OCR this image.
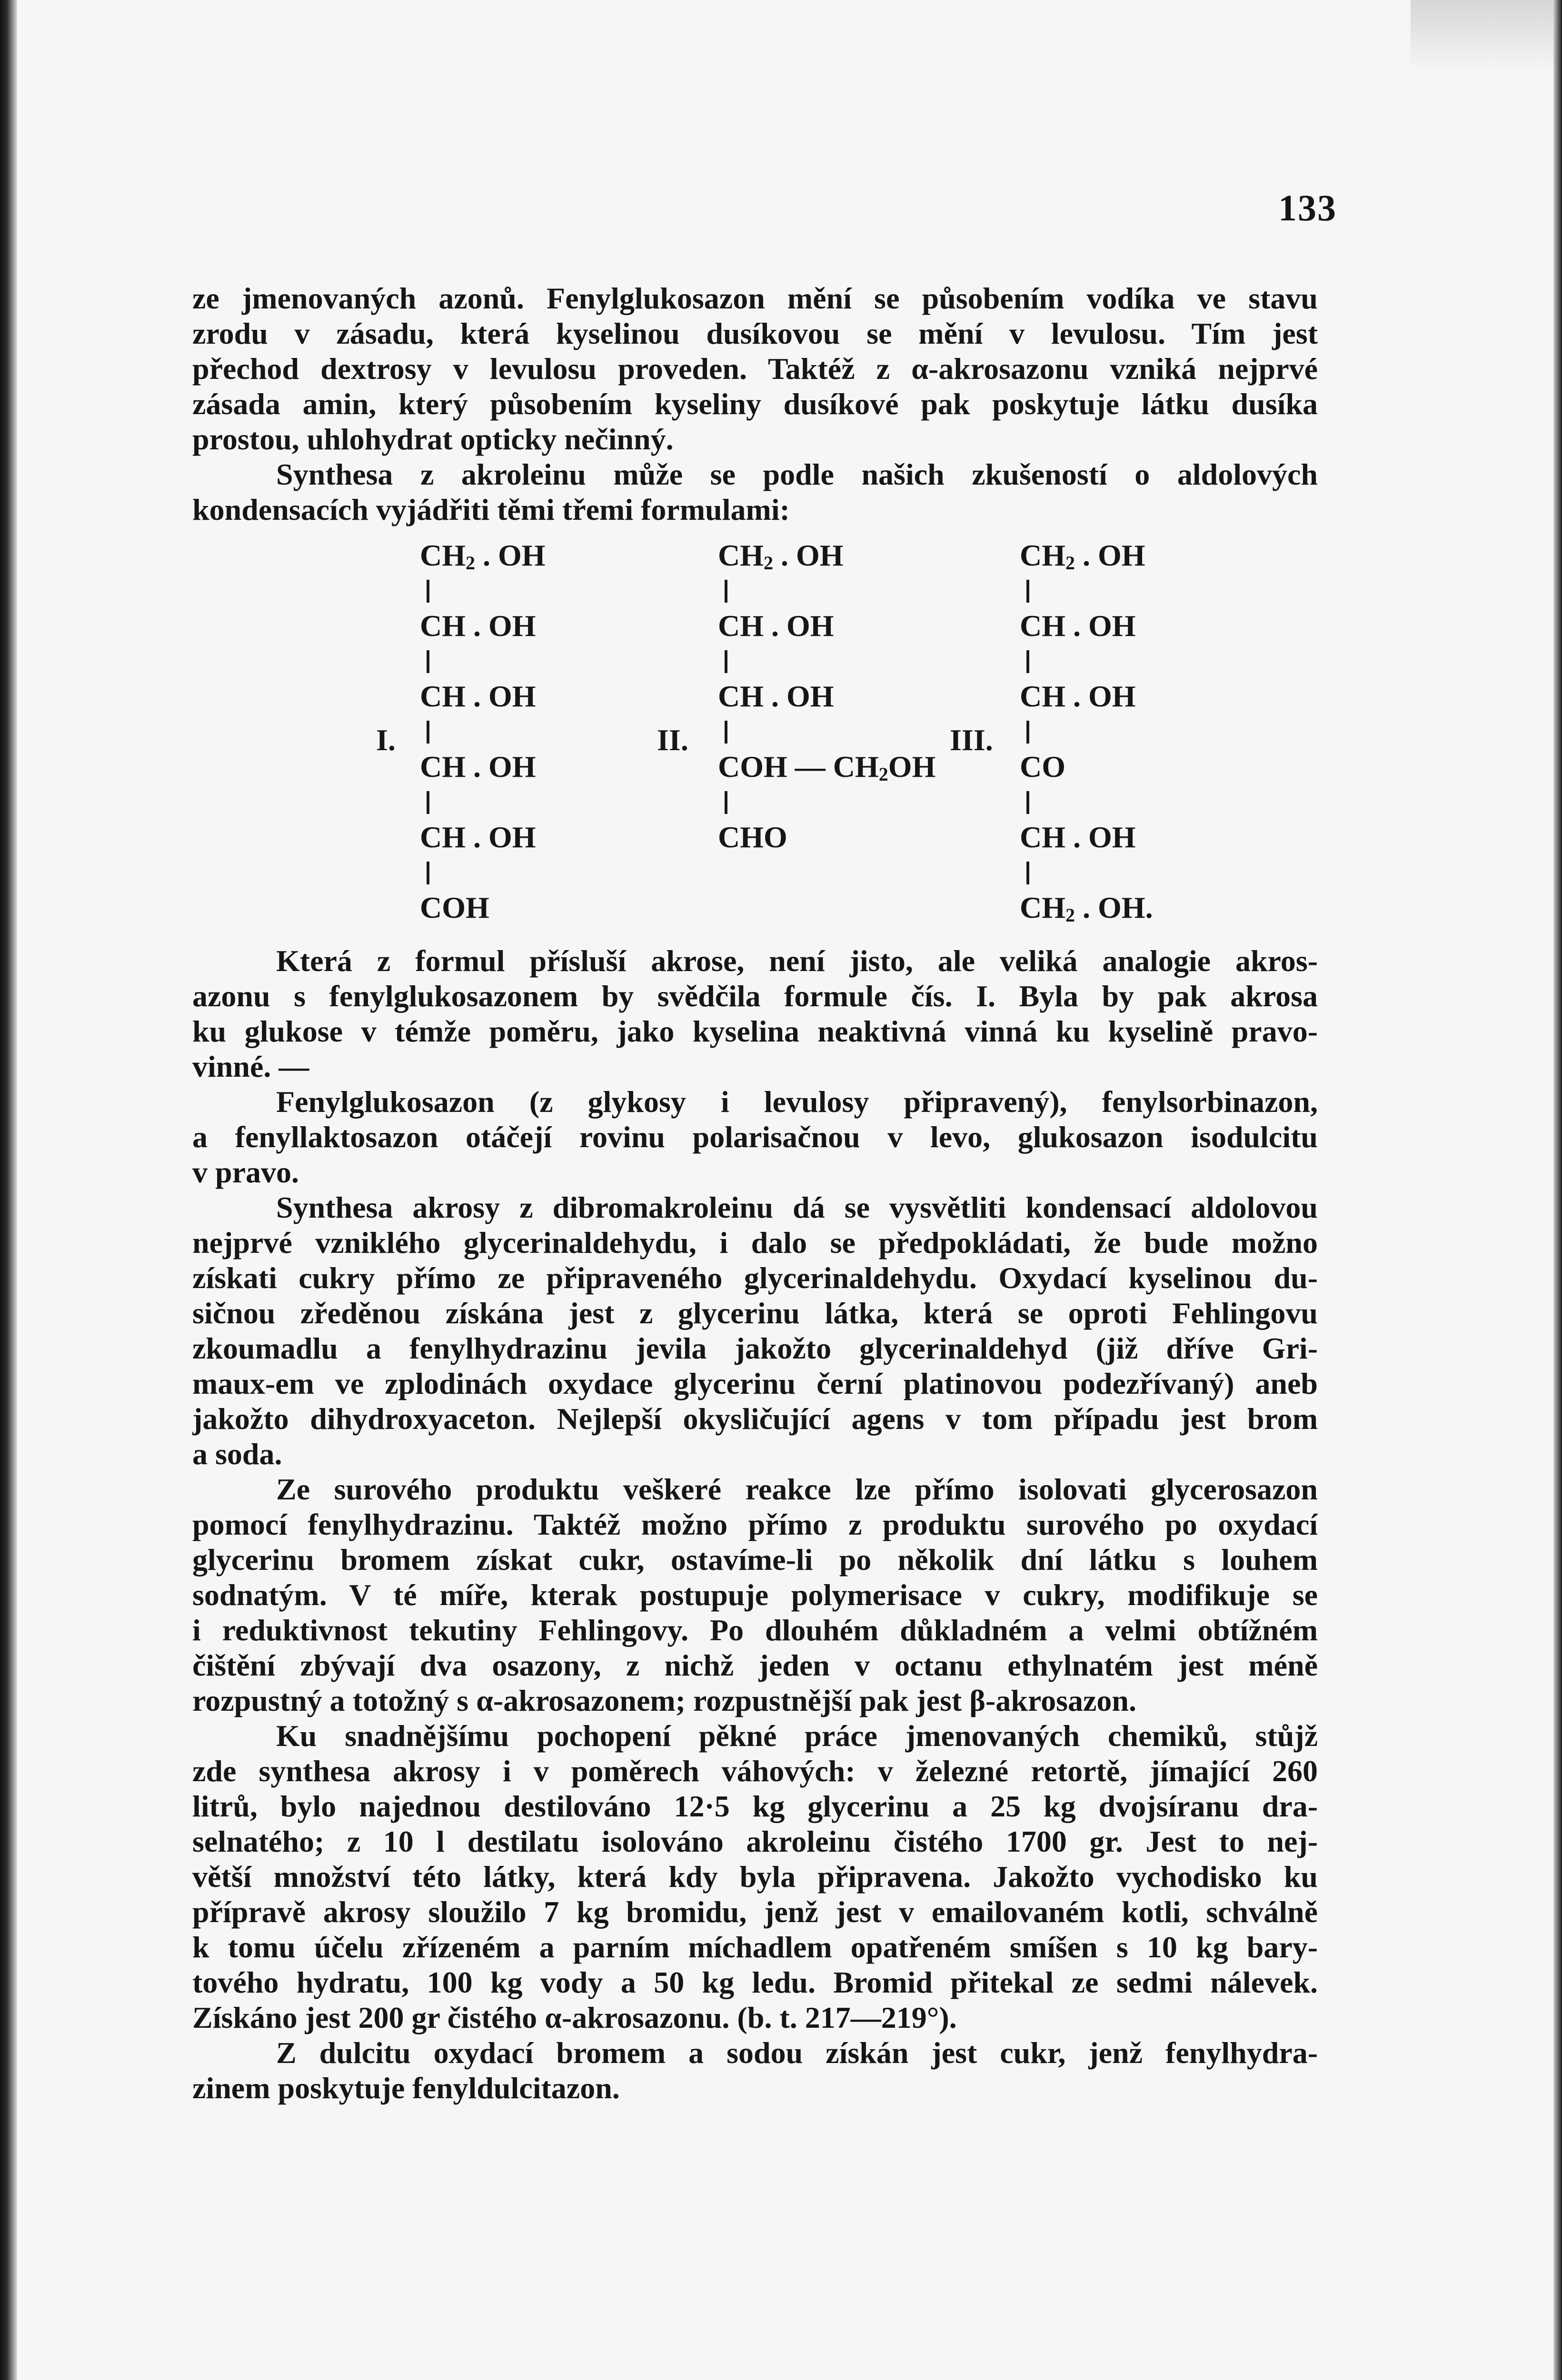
133
ze jmenovaných azonů. Fenylglukosazon mění se působením vodíka ve stavu
zrodu v zásadu, která kyselinou dusíkovou se mění v levulosu. Tím jest
přechod dextrosy v levulosu proveden. Taktéž z α-akrosazonu vzniká nejprvé
zásada amin, který působením kyseliny dusíkové pak poskytuje látku dusíka
prostou, uhlohydrat opticky nečinný.
Synthesa z akroleinu může se podle našich zkušeností o aldolových
kondensacích vyjádřiti těmi třemi formulami:
I.	II.	III.
$CH_2$ . OH
CH . OH
CH . OH
CH . OH
CH . OH
COH
$CH_2$ . OH
CH . OH
CH . OH
COH — $CH_2OH$
CHO
$CH_2$ . OH
CH . OH
CH . OH
CO
CH . OH
$CH_2$ . OH.
Která z formul přísluší akrose, není jisto, ale veliká analogie akros-
azonu s fenylglukosazonem by svědčila formule čís. I. Byla by pak akrosa
ku glukose v témže poměru, jako kyselina neaktivná vinná ku kyselině pravo-
vinné. —
Fenylglukosazon (z glykosy i levulosy připravený), fenylsorbinazon,
a fenyllaktosazon otáčejí rovinu polarisačnou v levo, glukosazon isodulcitu
v pravo.
Synthesa akrosy z dibromakroleinu dá se vysvětliti kondensací aldolovou
nejprvé vzniklého glycerinaldehydu, i dalo se předpokládati, že bude možno
získati cukry přímo ze připraveného glycerinaldehydu. Oxydací kyselinou du-
sičnou zředěnou získána jest z glycerinu látka, která se oproti Fehlingovu
zkoumadlu a fenylhydrazinu jevila jakožto glycerinaldehyd (již dříve Gri-
maux-em ve zplodinách oxydace glycerinu černí platinovou podezřívaný) aneb
jakožto dihydroxyaceton. Nejlepší okysličující agens v tom případu jest brom
a soda.
Ze surového produktu veškeré reakce lze přímo isolovati glycerosazon
pomocí fenylhydrazinu. Taktéž možno přímo z produktu surového po oxydací
glycerinu bromem získat cukr, ostavíme-li po několik dní látku s louhem
sodnatým. V té míře, kterak postupuje polymerisace v cukry, modifikuje se
i reduktivnost tekutiny Fehlingovy. Po dlouhém důkladném a velmi obtížném
čištění zbývají dva osazony, z nichž jeden v octanu ethylnatém jest méně
rozpustný a totožný s α-akrosazonem; rozpustnější pak jest β-akrosazon.
Ku snadnějšímu pochopení pěkné práce jmenovaných chemiků, stůjž
zde synthesa akrosy i v poměrech váhových: v železné retortě, jímající 260
litrů, bylo najednou destilováno 12·5 kg glycerinu a 25 kg dvojsíranu dra-
selnatého; z 10 l destilatu isolováno akroleinu čistého 1700 gr. Jest to nej-
větší množství této látky, která kdy byla připravena. Jakožto vychodisko ku
přípravě akrosy sloužilo 7 kg bromidu, jenž jest v emailovaném kotli, schválně
k tomu účelu zřízeném a parním míchadlem opatřeném smíšen s 10 kg bary-
tového hydratu, 100 kg vody a 50 kg ledu. Bromid přitekal ze sedmi nálevek.
Získáno jest 200 gr čistého α-akrosazonu. (b. t. 217—219°).
Z dulcitu oxydací bromem a sodou získán jest cukr, jenž fenylhydra-
zinem poskytuje fenyldulcitazon.
